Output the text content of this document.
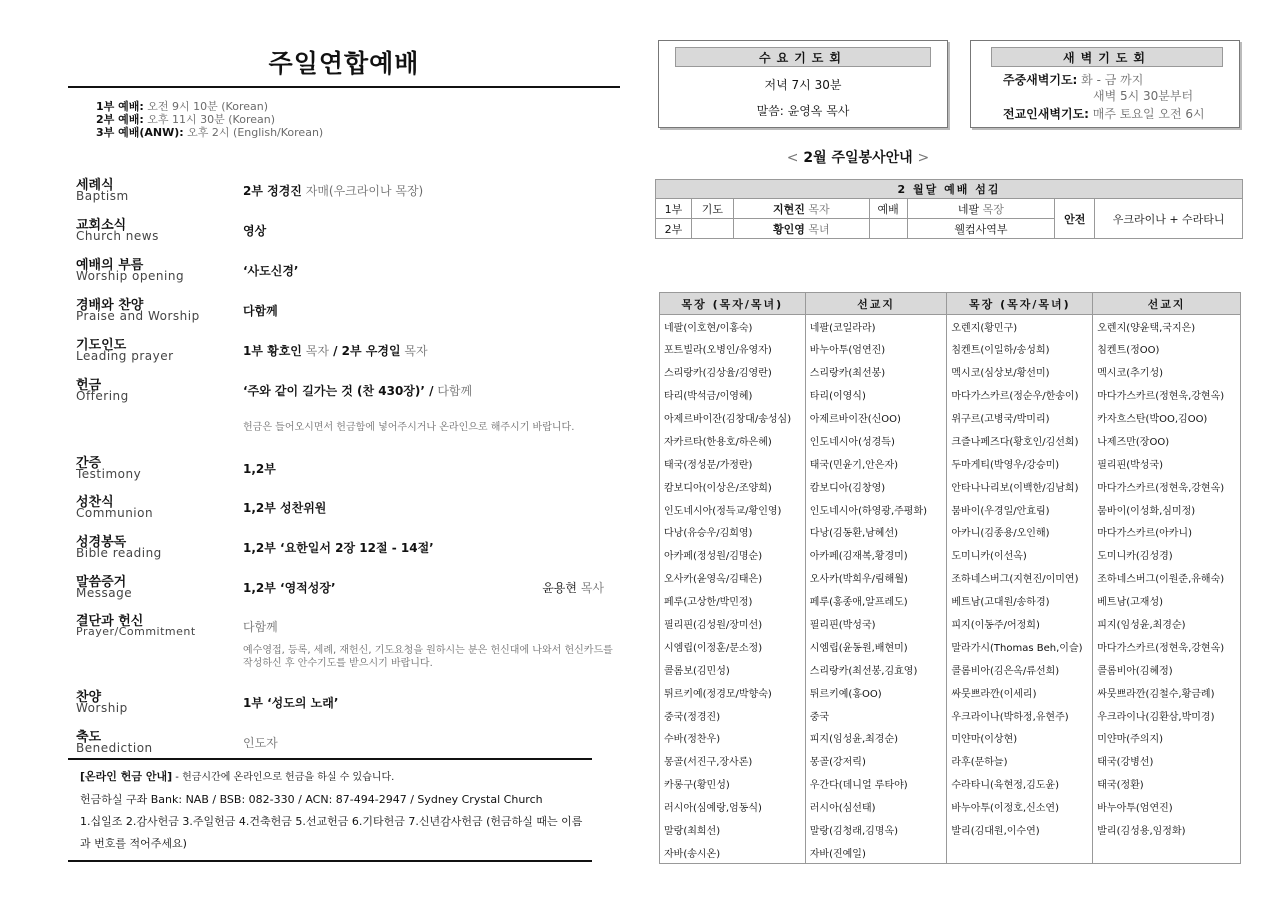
주일연합예배
1부 예배: 오전 9시 10분 (Korean)
2부 예배: 오후 11시 30분 (Korean)
3부 예배(ANW): 오후 2시 (English/Korean)
세례식
Baptism	2부 정경진 자매(우크라이나 목장)
교회소식
Church news	영상
예배의 부름
Worship opening	‘사도신경’
경배와 찬양
Praise and Worship	다함께
기도인도
Leading prayer	1부 황호인 목자 / 2부 우경일 목자
헌금
Offering	‘주와 같이 길가는 것 (찬 430장)’ / 다함께
헌금은 들어오시면서 헌금함에 넣어주시거나 온라인으로 해주시기 바랍니다.
간증
Testimony	1,2부
성찬식
Communion	1,2부 성찬위원
성경봉독
Bible reading	1,2부 ‘요한일서 2장 12절 - 14절’
말씀증거
Message	1,2부 ‘영적성장’	윤용현 목사
결단과 헌신
Prayer/Commitment	다함께
예수영접, 등록, 세례, 재헌신, 기도요청을 원하시는 분은 헌신대에 나와서 헌신카드를 작성하신 후 안수기도를 받으시기 바랍니다.
찬양
Worship	1부 ‘성도의 노래’
축도
Benediction	인도자

[온라인 헌금 안내] - 헌금시간에 온라인으로 헌금을 하실 수 있습니다.

헌금하실 구좌 Bank: NAB / BSB: 082-330 / ACN: 87-494-2947 / Sydney Crystal Church

1.십일조 2.감사헌금 3.주일헌금 4.건축헌금 5.선교헌금 6.기타헌금 7.신년감사헌금 (헌금하실 때는 이름과 번호를 적어주세요)

수요기도회
저녁 7시 30분
말씀: 윤영옥 목사
새벽기도회
주중새벽기도: 화 - 금 까지
새벽 5시 30분부터
전교인새벽기도: 매주 토요일 오전 6시
< 2월 주일봉사안내 >
2 월달 예배 섬김						
1부	기도	지현진 목자	예배	네팔 목장	안전	우크라이나 + 수라타니
2부		황인영 목녀		웰컴사역부		
목장 (목자/목녀)	선교지	목장 (목자/목녀)	선교지
네팔(이호현/이홍숙)	네팔(코일라라)	오렌지(황민구)	오렌지(양윤택,국지은)
포트빌라(오병인/유영자)	바누아투(엄연진)	침켄트(이일하/송성희)	침켄트(정OO)
스리랑카(김상율/김영란)	스리랑카(최선봉)	멕시코(심상보/황선미)	멕시코(추기성)
타리(박석금/이영혜)	타리(이영식)	마다가스카르(정순우/한송이)	마다가스카르(정현욱,강현옥)
아제르바이잔(김창대/송성심)	아제르바이잔(신OO)	위구르(고병국/박미리)	카자흐스탄(박OO,김OO)
자카르타(한용호/하은혜)	인도네시아(성경득)	크즐나페즈다(황호인/김선희)	나제즈만(장OO)
태국(정성문/가정란)	태국(민윤기,안은자)	두마게티(박영우/강승미)	필리핀(박성국)
캄보디아(이상은/조양희)	캄보디아(김창영)	안타나나리보(이백한/김남희)	마다가스카르(정현욱,강현옥)
인도네시아(정득교/황인영)	인도네시아(하영광,주평화)	뭄바이(우경일/안효림)	뭄바이(이성화,심미정)
다낭(유승우/김희영)	다낭(김동환,남혜선)	아카니(김종용/오인해)	마다가스카르(아카니)
아카페(정성원/김명순)	아카페(김재복,황경미)	도미니카(이선옥)	도미니카(김성경)
오사카(윤영옥/김태은)	오사카(박희우/림해월)	조하네스버그(지현진/이미연)	조하네스버그(이원준,유해숙)
페루(고상한/박민정)	페루(홍종애,알프레도)	베트남(고대원/송하경)	베트남(고재성)
필리핀(김성원/장미선)	필리핀(박성국)	피지(이동주/어정희)	피지(임성윤,최경순)
시엠립(이정훈/문소정)	시엠립(윤동원,배현미)	말라가시(Thomas Beh,이슬)	마다가스카르(정현욱,강현옥)
콜롬보(김민성)	스리랑카(최선봉,김효영)	콜롬비아(김은옥/류선희)	콜롬비아(김혜정)
튀르키예(정경모/박향숙)	튀르키예(홍OO)	싸뭇쁘라깐(이세리)	싸뭇쁘라깐(김철수,황금례)
중국(정경진)	중국	우크라이나(박하정,유현주)	우크라이나(김환삼,박미경)
수바(정찬우)	피지(임성윤,최경순)	미얀마(이상현)	미얀마(주의지)
몽골(서진구,장사론)	몽골(강저릭)	라후(문하늘)	태국(강병선)
카롱구(황민성)	우간다(데니얼 루타야)	수라타니(육현정,김도윤)	태국(정환)
러시아(심예랑,엄동식)	러시아(심선태)	바누아투(이정호,신소연)	바누아투(엄연진)
말랑(최희선)	말랑(김청래,김명옥)	발리(김대원,이수연)	발리(김성용,임정화)
자바(송시온)	자바(진예일)		
